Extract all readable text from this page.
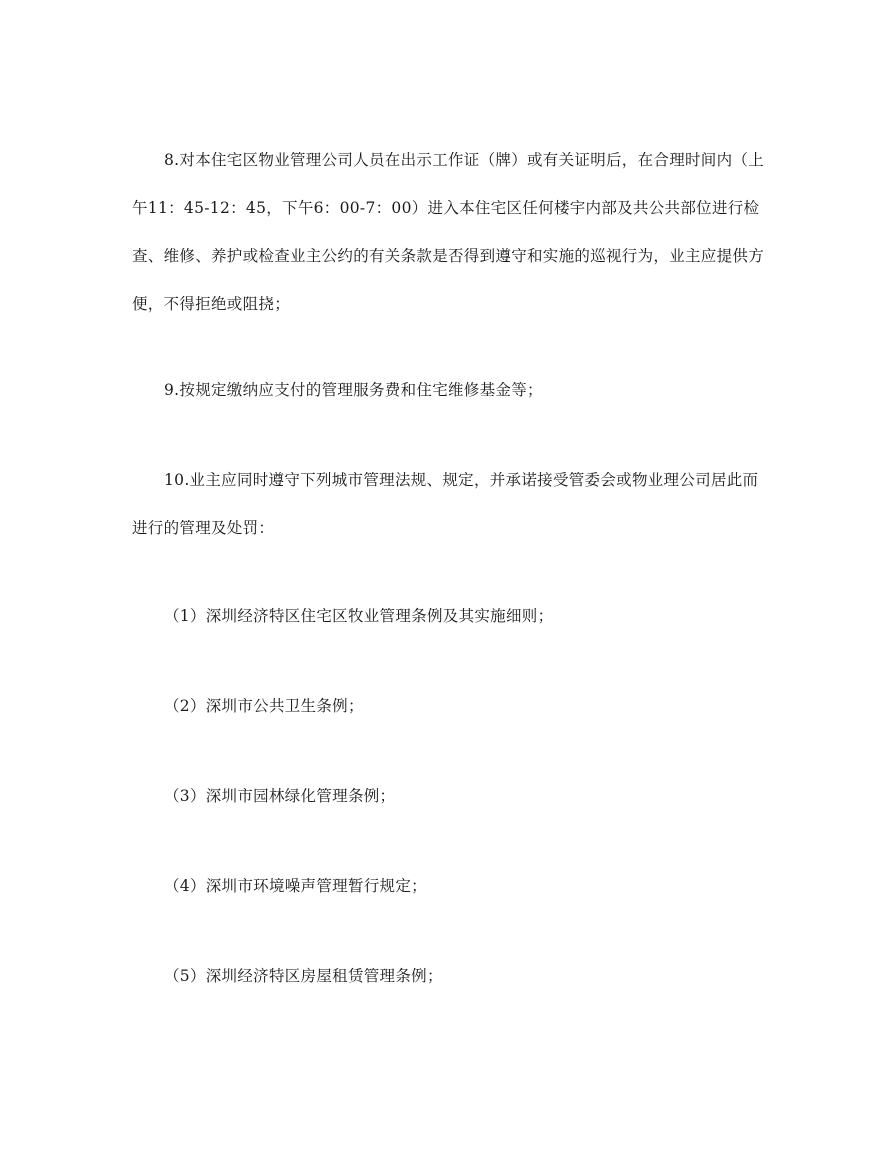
8.对本住宅区物业管理公司人员在出示工作证（牌）或有关证明后，在合理时间内（上午11：45-12：45，下午6：00-7：00）进入本住宅区任何楼宇内部及共公共部位进行检查、维修、养护或检查业主公约的有关条款是否得到遵守和实施的巡视行为，业主应提供方便，不得拒绝或阻挠；

9.按规定缴纳应支付的管理服务费和住宅维修基金等；

10.业主应同时遵守下列城市管理法规、规定，并承诺接受管委会或物业理公司居此而进行的管理及处罚：

（1）深圳经济特区住宅区牧业管理条例及其实施细则；

（2）深圳市公共卫生条例；

（3）深圳市园林绿化管理条例；

（4）深圳市环境噪声管理暂行规定；

（5）深圳经济特区房屋租赁管理条例；
